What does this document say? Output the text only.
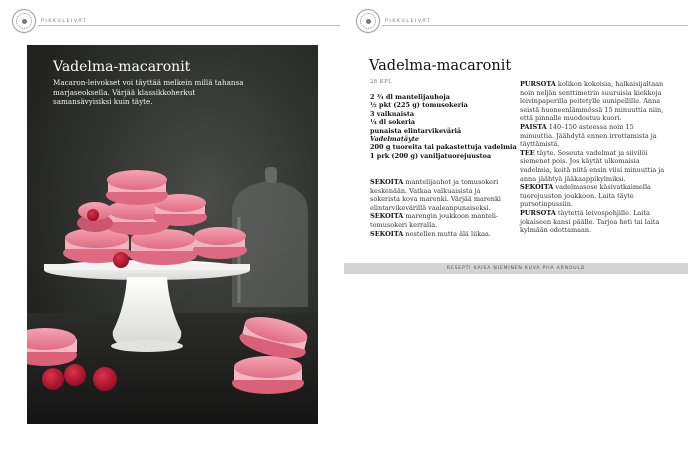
PIKKULEIVÄT	PIKKULEIVÄT
Vadelma-macaronit

Macaron-leivokset voi täyttää melkein millä tahansa marjaseoksella. Värjää klassikkoherkut samansävyisiksi kuin täyte.

Vadelma-macaronit
28 KPL
2 ¾ dl mantelijauhoja
½ pkt (225 g) tomusokeria
3 valkuaista
¼ dl sokeria
punaista elintarvikeväriä
Vadelmatäyte
200 g tuoreita tai pakastettuja vadelmia
1 prk (200 g) vaniljatuorejuustoa

SEKOITA mantelijauhot ja tomusokeri keskenään. Vatkaa valkuaisista ja sokerista kova marenki. Värjää marenki elintarvikevärillä vaaleanpunaiseksi.

SEKOITA marengin joukkoon manteli-tomusokeri kerralla.

SEKOITA nostellen mutta älä liikaa.

PURSOTA kolikon kokoisia, halkaisijaltaan noin neljän senttimetrin suuruisia kiekkoja leivinpaperilla peitetylle uunipellille. Anna seistä huoneenlämmössä 15 minuuttia niin, että pinnalle muodostuu kuori.

PAISTA 140–150 asteessa noin 15 minuuttia. Jäähdytä ennen irrottamista ja täyttämistä.

TEE täyte. Soseuta vadelmat ja siivilöi siemenet pois. Jos käytät ulkomaisia vadelmia, keitä niitä ensin viisi minuuttia ja anna jäähtyä jääkaappikylmiksi.

SEKOITA vadelmasose käsivatkaimella tuorejuuston joukkoon. Laita täyte pursotinpussiin.

PURSOTA täytettä leivospohjille. Laita jokaiseen kansi päälle. Tarjoa heti tai laita kylmään odottamaan.

RESEPTI KAISA NIEMINEN KUVA PIIA ARNOULD
